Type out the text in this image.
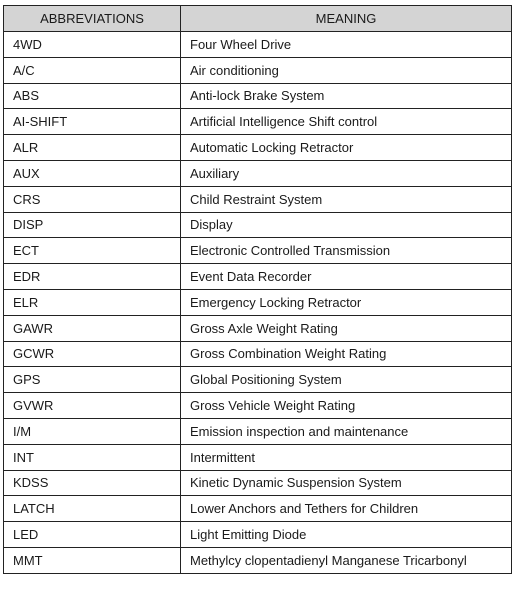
ABBREVIATIONS	MEANING
4WD	Four Wheel Drive
A/C	Air conditioning
ABS	Anti-lock Brake System
AI-SHIFT	Artificial Intelligence Shift control
ALR	Automatic Locking Retractor
AUX	Auxiliary
CRS	Child Restraint System
DISP	Display
ECT	Electronic Controlled Transmission
EDR	Event Data Recorder
ELR	Emergency Locking Retractor
GAWR	Gross Axle Weight Rating
GCWR	Gross Combination Weight Rating
GPS	Global Positioning System
GVWR	Gross Vehicle Weight Rating
I/M	Emission inspection and maintenance
INT	Intermittent
KDSS	Kinetic Dynamic Suspension System
LATCH	Lower Anchors and Tethers for Children
LED	Light Emitting Diode
MMT	Methylcy clopentadienyl Manganese Tricarbonyl
